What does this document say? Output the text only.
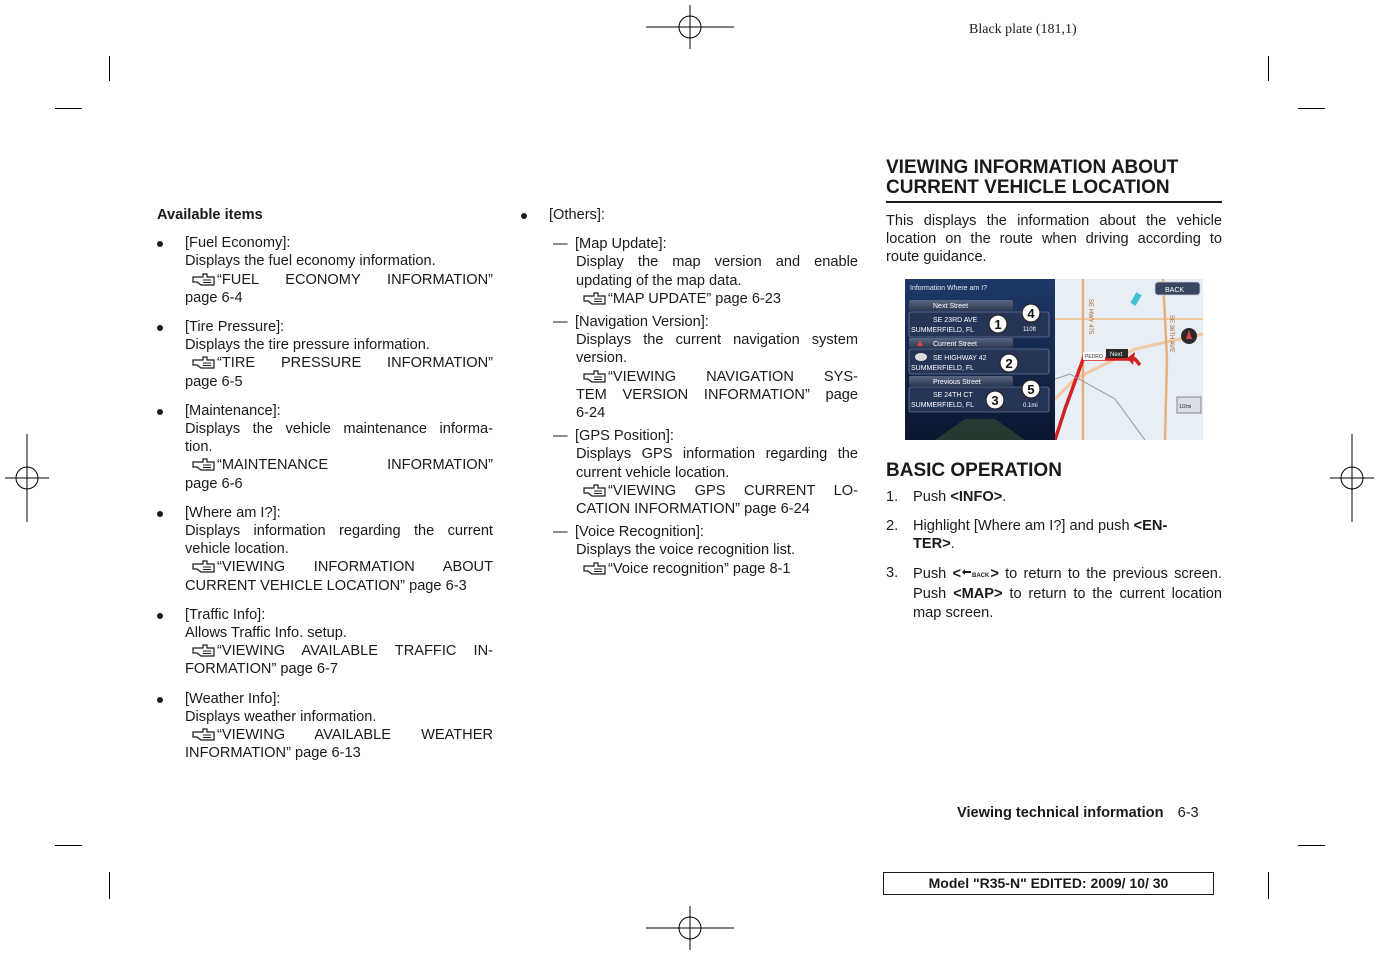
Black plate (181,1)
Available items
[Fuel Economy]:
Displays the fuel economy information.
“FUEL ECONOMY INFORMATION”
page 6-4
[Tire Pressure]:
Displays the tire pressure information.
“TIRE PRESSURE INFORMATION”
page 6-5
[Maintenance]:
Displays the vehicle maintenance informa-
tion.
“MAINTENANCE INFORMATION”
page 6-6
[Where am I?]:
Displays information regarding the current
vehicle location.
“VIEWING INFORMATION ABOUT
CURRENT VEHICLE LOCATION” page 6-3
[Traffic Info]:
Allows Traffic Info. setup.
“VIEWING AVAILABLE TRAFFIC IN-
FORMATION” page 6-7
[Weather Info]:
Displays weather information.
“VIEWING AVAILABLE WEATHER
INFORMATION” page 6-13
[Others]:
— [Map Update]:
Display the map version and enable
updating of the map data.
“MAP UPDATE” page 6-23
— [Navigation Version]:
Displays the current navigation system
version.
“VIEWING NAVIGATION SYS-
TEM VERSION INFORMATION” page
6-24
— [GPS Position]:
Displays GPS information regarding the
current vehicle location.
“VIEWING GPS CURRENT LO-
CATION INFORMATION” page 6-24
— [Voice Recognition]:
Displays the voice recognition list.
“Voice recognition” page 8-1
VIEWING INFORMATION ABOUT
CURRENT VEHICLE LOCATION
This displays the information about the vehicle
location on the route when driving according to
route guidance.
SE HWY 475	SE 36TH AVE
PEDRO Next
BACK
1/2mi
Information Where am I?
Next Street
SE 23RD AVE
SUMMERFIELD, FL	110ft
Current Street
SE HIGHWAY 42
SUMMERFIELD, FL
Previous Street
SE 24TH CT
SUMMERFIELD, FL	0.1mi
1
2
3
4
5
BASIC OPERATION
1. Push <INFO>.
2. Highlight [Where am I?] and push <EN-
TER>.
3. Push < BACK> to return to the previous screen. Push <MAP> to return to the current location map screen.
Viewing technical information 6-3
Model "R35-N" EDITED: 2009/ 10/ 30
